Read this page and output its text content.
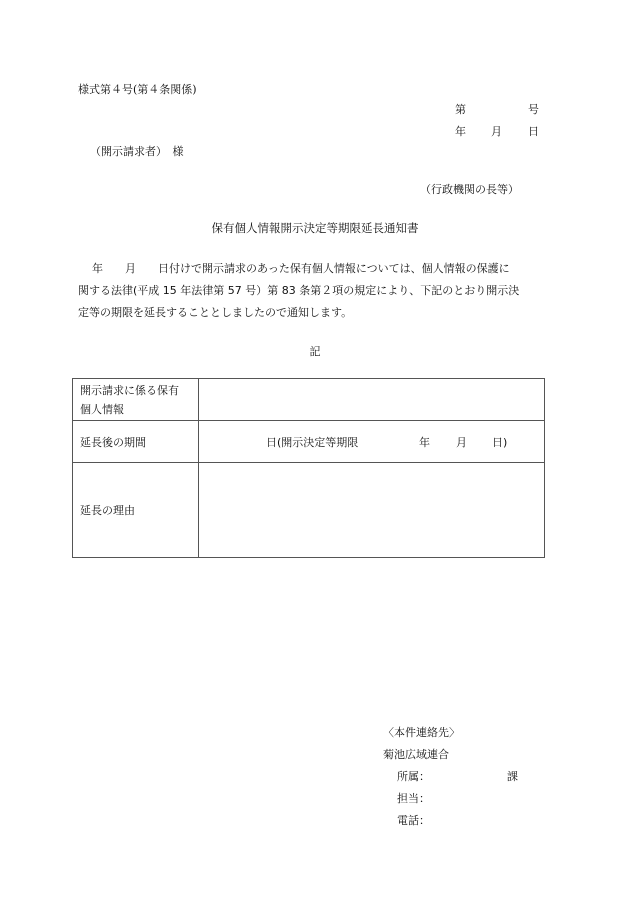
様式第４号(第４条関係)
第	号
年 月 日
（開示請求者）　様
（行政機関の長等）
保有個人情報開示決定等期限延長通知書
年　　月　　日付けで開示請求のあった保有個人情報については、個人情報の保護に
関する法律(平成 15 年法律第 57 号）第 83 条第２項の規定により、下記のとおり開示決
定等の期限を延長することとしましたので通知します。
記
開示請求に係る保有
個人情報	

延長後の期間	日 (開示決定等期限 年 月 日)

延長の理由	
〈本件連絡先〉
菊池広域連合
所属：	課
担当：
電話：
